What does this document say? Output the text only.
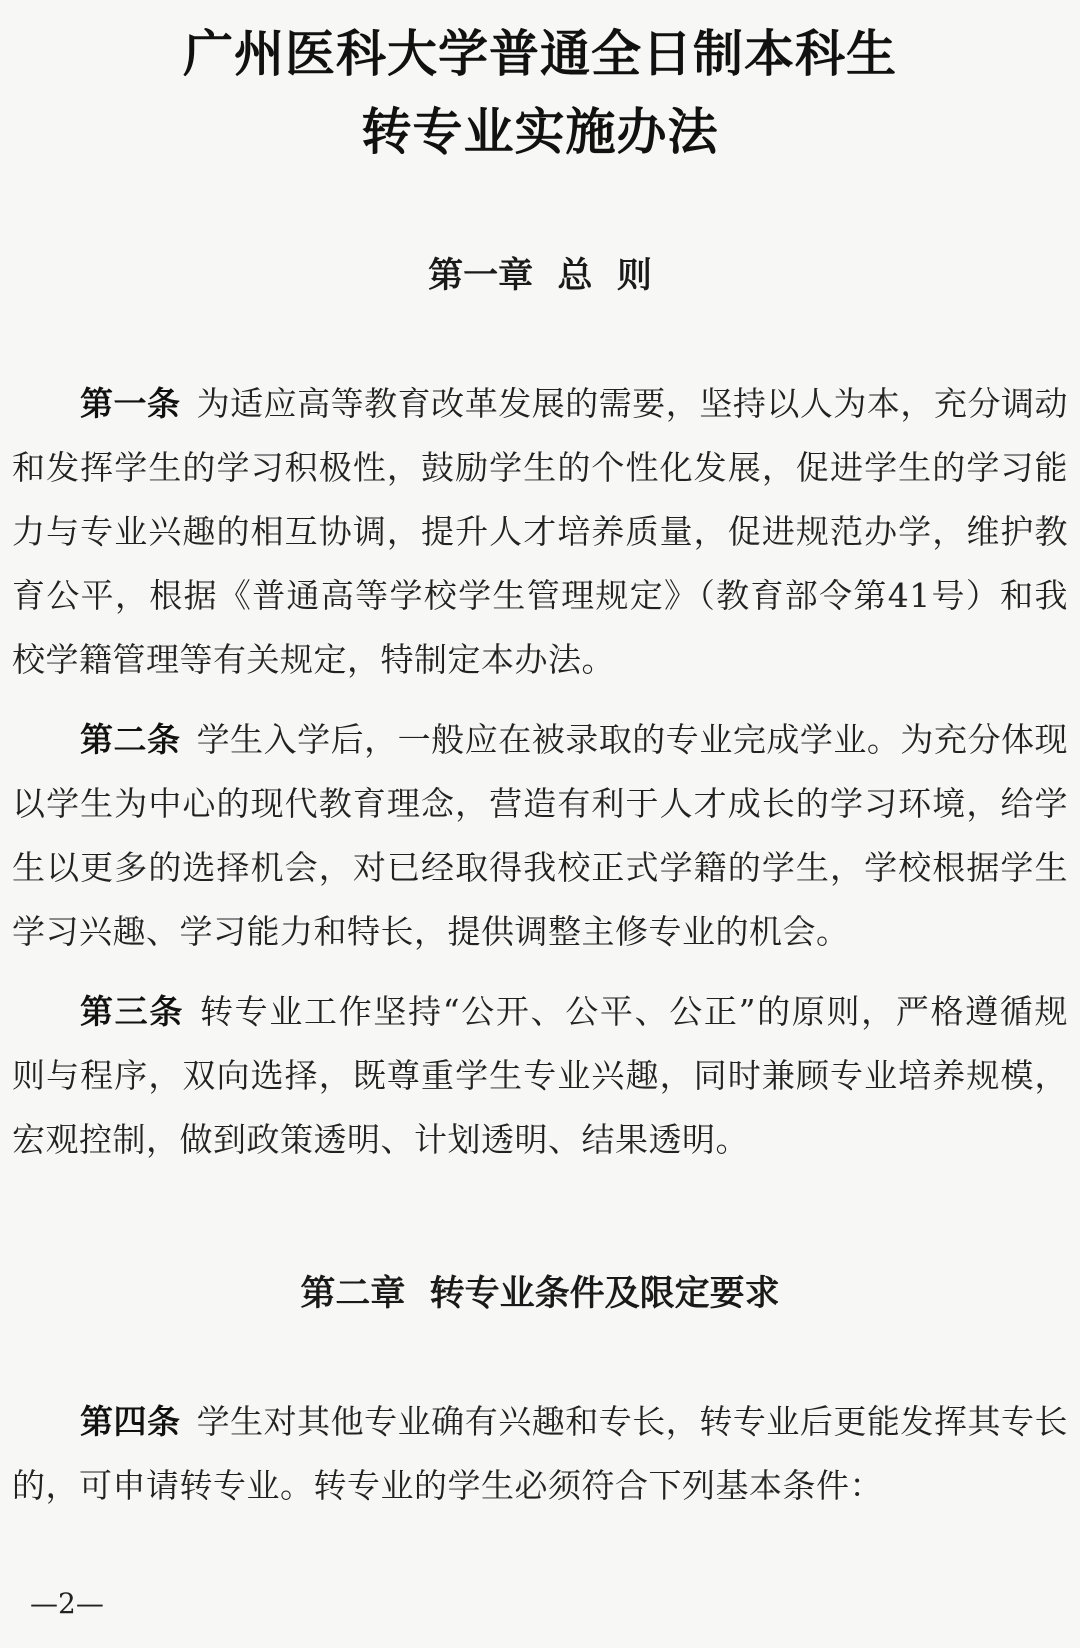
广州医科大学普通全日制本科生
转专业实施办法
第一章  总  则

第一条 为适应高等教育改革发展的需要，坚持以人为本，充分调动和发挥学生的学习积极性，鼓励学生的个性化发展，促进学生的学习能力与专业兴趣的相互协调，提升人才培养质量，促进规范办学，维护教育公平，根据《普通高等学校学生管理规定》（教育部令第41号）和我校学籍管理等有关规定，特制定本办法。

第二条 学生入学后，一般应在被录取的专业完成学业。为充分体现以学生为中心的现代教育理念，营造有利于人才成长的学习环境，给学生以更多的选择机会，对已经取得我校正式学籍的学生，学校根据学生学习兴趣、学习能力和特长，提供调整主修专业的机会。

第三条 转专业工作坚持“公开、公平、公正”的原则，严格遵循规则与程序，双向选择，既尊重学生专业兴趣，同时兼顾专业培养规模，宏观控制，做到政策透明、计划透明、结果透明。

第二章  转专业条件及限定要求

第四条 学生对其他专业确有兴趣和专长，转专业后更能发挥其专长的，可申请转专业。转专业的学生必须符合下列基本条件：

—2—
